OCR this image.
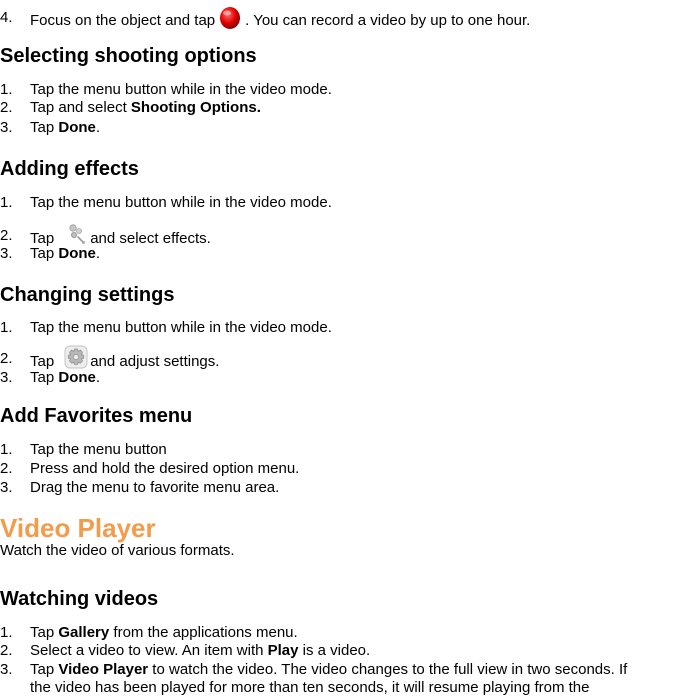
4. Focus on the object and tap . You can record a video by up to one hour.
Selecting shooting options
1. Tap the menu button while in the video mode.
2. Tap and select Shooting Options.
3. Tap Done.
Adding effects
1. Tap the menu button while in the video mode.
2. Tap and select effects.
3. Tap Done.
Changing settings
1. Tap the menu button while in the video mode.
2. Tap and adjust settings.
3. Tap Done.
Add Favorites menu
1. Tap the menu button
2. Press and hold the desired option menu.
3. Drag the menu to favorite menu area.
Video Player
Watch the video of various formats.
Watching videos
1. Tap Gallery from the applications menu.
2. Select a video to view. An item with Play is a video.
3. Tap Video Player to watch the video. The video changes to the full view in two seconds. If
the video has been played for more than ten seconds, it will resume playing from the
